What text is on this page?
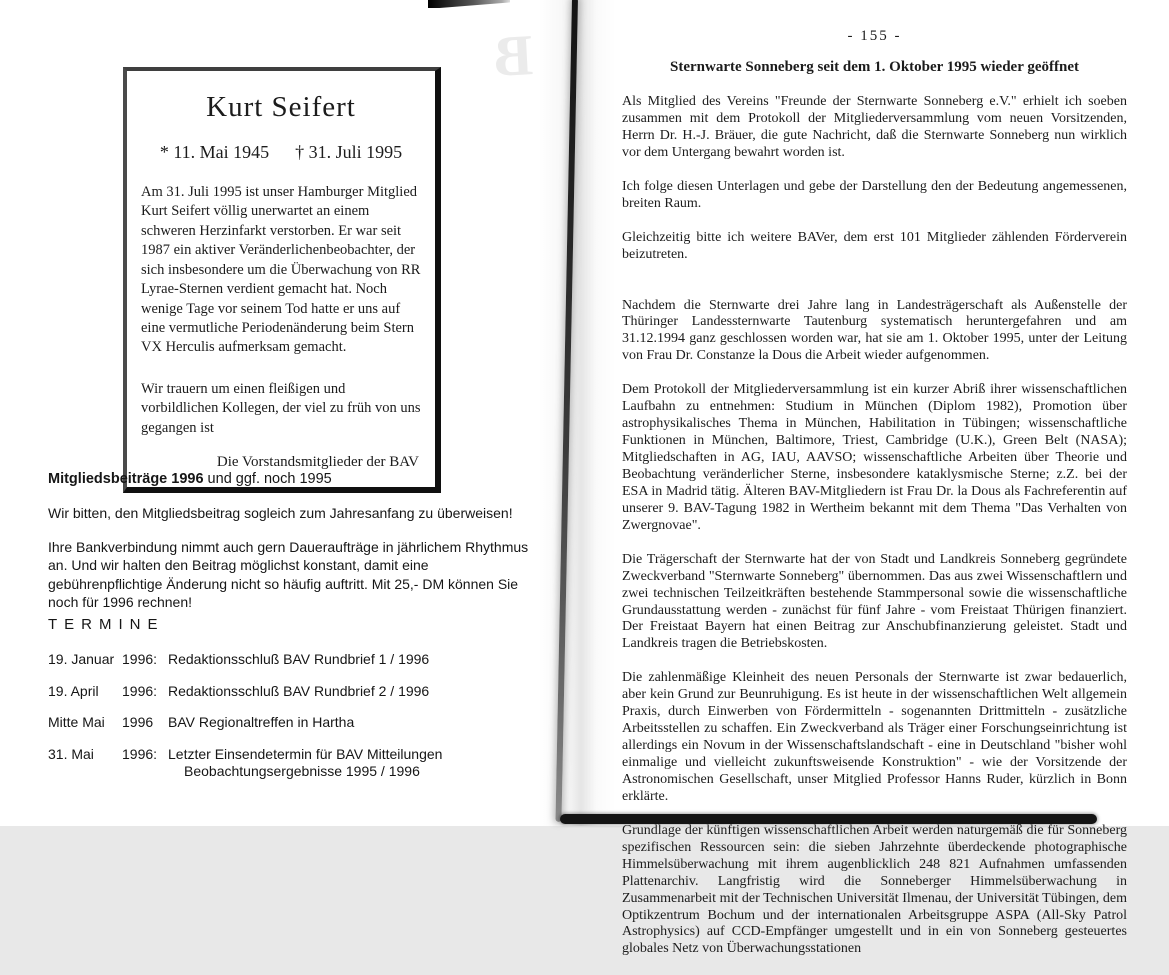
B
Kurt Seifert
* 11. Mai 1945 † 31. Juli 1995

Am 31. Juli 1995 ist unser Hamburger Mitglied Kurt Seifert völlig unerwartet an einem schweren Herzinfarkt verstorben. Er war seit 1987 ein aktiver Veränderlichenbeobachter, der sich insbesondere um die Überwachung von RR Lyrae-Sternen verdient gemacht hat. Noch wenige Tage vor seinem Tod hatte er uns auf eine vermutliche Periodenänderung beim Stern VX Herculis aufmerksam gemacht.

Wir trauern um einen fleißigen und vorbildlichen Kollegen, der viel zu früh von uns gegangen ist

Die Vorstandsmitglieder der BAV

Mitgliedsbeiträge 1996 und ggf. noch 1995

Wir bitten, den Mitgliedsbeitrag sogleich zum Jahresanfang zu überweisen!

Ihre Bankverbindung nimmt auch gern Daueraufträge in jährlichem Rhythmus an. Und wir halten den Beitrag möglichst konstant, damit eine gebührenpflichtige Änderung nicht so häufig auftritt. Mit 25,- DM können Sie noch für 1996 rechnen!

TERMINE
19. Januar 1996: Redaktionsschluß BAV Rundbrief 1 / 1996
19. April	1996: Redaktionsschluß BAV Rundbrief 2 / 1996
Mitte Mai	1996	BAV Regionaltreffen in Hartha
31. Mai	1996: Letzter Einsendetermin für BAV Mitteilungen
Beobachtungsergebnisse 1995 / 1996
- 155 -
Sternwarte Sonneberg seit dem 1. Oktober 1995 wieder geöffnet

Als Mitglied des Vereins "Freunde der Sternwarte Sonneberg e.V." erhielt ich soeben zusammen mit dem Protokoll der Mitgliederversammlung vom neuen Vorsitzenden, Herrn Dr. H.-J. Bräuer, die gute Nachricht, daß die Sternwarte Sonneberg nun wirklich vor dem Untergang bewahrt worden ist.

Ich folge diesen Unterlagen und gebe der Darstellung den der Bedeutung angemessenen, breiten Raum.

Gleichzeitig bitte ich weitere BAVer, dem erst 101 Mitglieder zählenden Förderverein beizutreten.

Nachdem die Sternwarte drei Jahre lang in Landesträgerschaft als Außenstelle der Thüringer Landessternwarte Tautenburg systematisch heruntergefahren und am 31.12.1994 ganz geschlossen worden war, hat sie am 1. Oktober 1995, unter der Leitung von Frau Dr. Constanze la Dous die Arbeit wieder aufgenommen.

Dem Protokoll der Mitgliederversammlung ist ein kurzer Abriß ihrer wissenschaftlichen Laufbahn zu entnehmen: Studium in München (Diplom 1982), Promotion über astrophysikalisches Thema in München, Habilitation in Tübingen; wissenschaftliche Funktionen in München, Baltimore, Triest, Cambridge (U.K.), Green Belt (NASA); Mitgliedschaften in AG, IAU, AAVSO; wissenschaftliche Arbeiten über Theorie und Beobachtung veränderlicher Sterne, insbesondere kataklysmische Sterne; z.Z. bei der ESA in Madrid tätig. Älteren BAV-Mitgliedern ist Frau Dr. la Dous als Fachreferentin auf unserer 9. BAV-Tagung 1982 in Wertheim bekannt mit dem Thema "Das Verhalten von Zwergnovae".

Die Trägerschaft der Sternwarte hat der von Stadt und Landkreis Sonneberg gegründete Zweckverband "Sternwarte Sonneberg" übernommen. Das aus zwei Wissenschaftlern und zwei technischen Teilzeitkräften bestehende Stammpersonal sowie die wissenschaftliche Grundausstattung werden - zunächst für fünf Jahre - vom Freistaat Thürigen finanziert. Der Freistaat Bayern hat einen Beitrag zur Anschubfinanzierung geleistet. Stadt und Landkreis tragen die Betriebskosten.

Die zahlenmäßige Kleinheit des neuen Personals der Sternwarte ist zwar bedauerlich, aber kein Grund zur Beunruhigung. Es ist heute in der wissenschaftlichen Welt allgemein Praxis, durch Einwerben von Fördermitteln - sogenannten Drittmitteln - zusätzliche Arbeitsstellen zu schaffen. Ein Zweckverband als Träger einer Forschungseinrichtung ist allerdings ein Novum in der Wissenschaftslandschaft - eine in Deutschland "bisher wohl einmalige und vielleicht zukunftsweisende Konstruktion" - wie der Vorsitzende der Astronomischen Gesellschaft, unser Mitglied Professor Hanns Ruder, kürzlich in Bonn erklärte.

Grundlage der künftigen wissenschaftlichen Arbeit werden naturgemäß die für Sonneberg spezifischen Ressourcen sein: die sieben Jahrzehnte überdeckende photographische Himmelsüberwachung mit ihrem augenblicklich 248 821 Aufnahmen umfassenden Plattenarchiv. Langfristig wird die Sonneberger Himmelsüberwachung in Zusammenarbeit mit der Technischen Universität Ilmenau, der Universität Tübingen, dem Optikzentrum Bochum und der internationalen Arbeitsgruppe ASPA (All-Sky Patrol Astrophysics) auf CCD-Empfänger umgestellt und in ein von Sonneberg gesteuertes globales Netz von Überwachungsstationen
